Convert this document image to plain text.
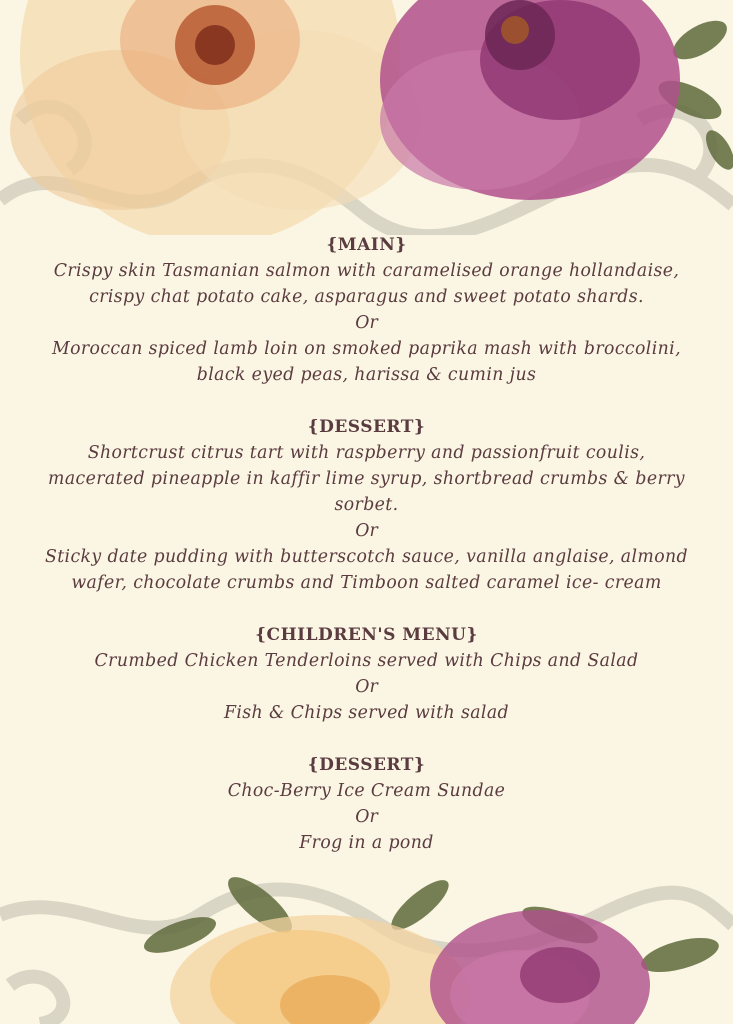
{MAIN}
Crispy skin Tasmanian salmon with caramelised orange hollandaise,
crispy chat potato cake, asparagus and sweet potato shards.
Or
Moroccan spiced lamb loin on smoked paprika mash with broccolini,
black eyed peas, harissa & cumin jus
{DESSERT}
Shortcrust citrus tart with raspberry and passionfruit coulis,
macerated pineapple in kaffir lime syrup, shortbread crumbs & berry
sorbet.
Or
Sticky date pudding with butterscotch sauce, vanilla anglaise, almond
wafer, chocolate crumbs and Timboon salted caramel ice- cream
{CHILDREN'S MENU}
Crumbed Chicken Tenderloins served with Chips and Salad
Or
Fish & Chips served with salad
{DESSERT}
Choc-Berry Ice Cream Sundae
Or
Frog in a pond
